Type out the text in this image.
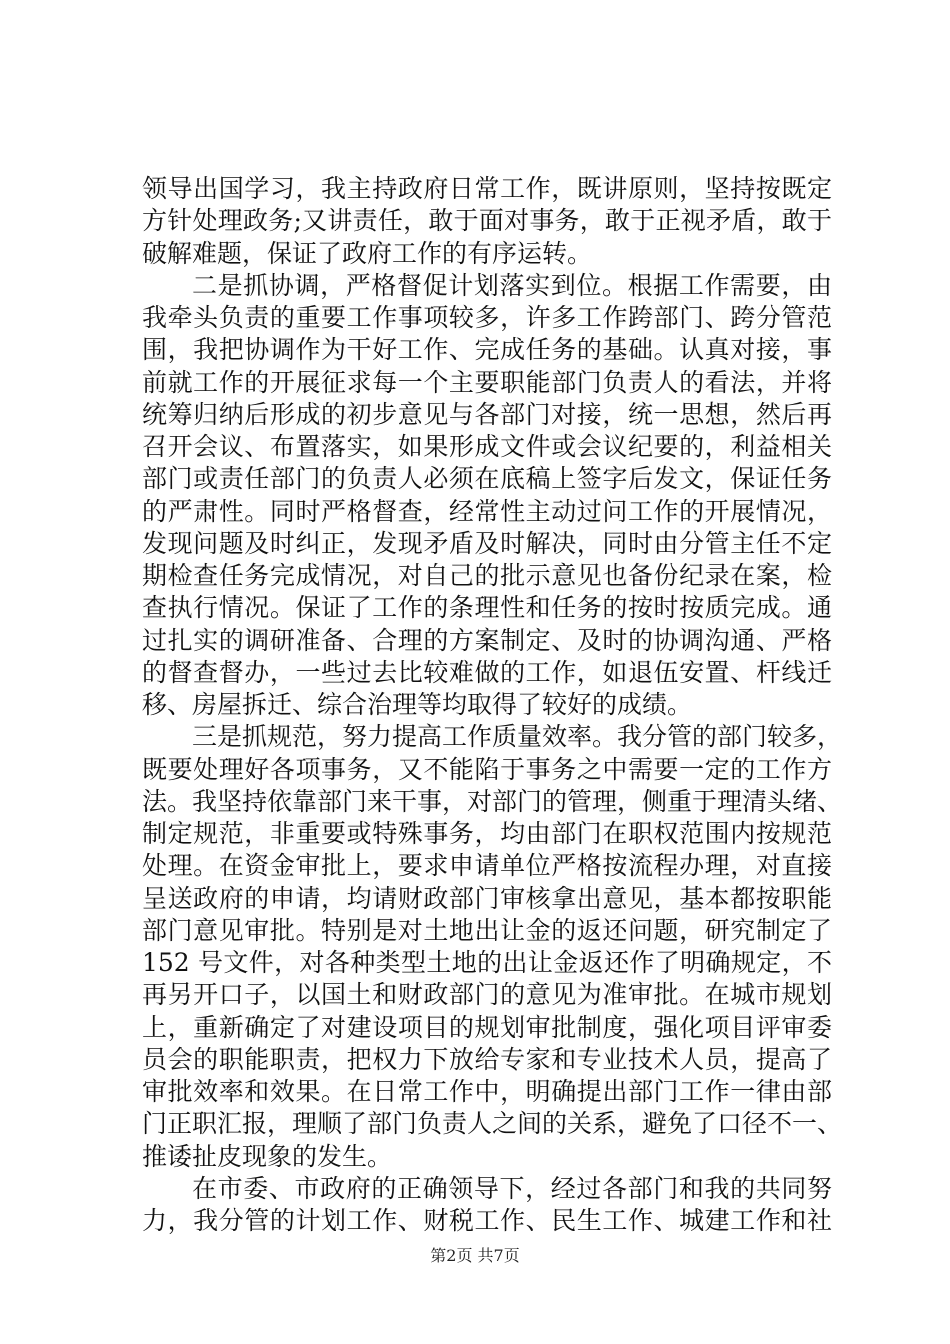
领导出国学习，我主持政府日常工作，既讲原则，坚持按既定
方针处理政务;又讲责任，敢于面对事务，敢于正视矛盾，敢于
破解难题，保证了政府工作的有序运转。
二是抓协调，严格督促计划落实到位。根据工作需要，由
我牵头负责的重要工作事项较多，许多工作跨部门、跨分管范
围，我把协调作为干好工作、完成任务的基础。认真对接，事
前就工作的开展征求每一个主要职能部门负责人的看法，并将
统筹归纳后形成的初步意见与各部门对接，统一思想，然后再
召开会议、布置落实，如果形成文件或会议纪要的，利益相关
部门或责任部门的负责人必须在底稿上签字后发文，保证任务
的严肃性。同时严格督查，经常性主动过问工作的开展情况，
发现问题及时纠正，发现矛盾及时解决，同时由分管主任不定
期检查任务完成情况，对自己的批示意见也备份纪录在案，检
查执行情况。保证了工作的条理性和任务的按时按质完成。通
过扎实的调研准备、合理的方案制定、及时的协调沟通、严格
的督查督办，一些过去比较难做的工作，如退伍安置、杆线迁
移、房屋拆迁、综合治理等均取得了较好的成绩。
三是抓规范，努力提高工作质量效率。我分管的部门较多，
既要处理好各项事务，又不能陷于事务之中需要一定的工作方
法。我坚持依靠部门来干事，对部门的管理，侧重于理清头绪、
制定规范，非重要或特殊事务，均由部门在职权范围内按规范
处理。在资金审批上，要求申请单位严格按流程办理，对直接
呈送政府的申请，均请财政部门审核拿出意见，基本都按职能
部门意见审批。特别是对土地出让金的返还问题，研究制定了
152 号文件，对各种类型土地的出让金返还作了明确规定，不
再另开口子，以国土和财政部门的意见为准审批。在城市规划
上，重新确定了对建设项目的规划审批制度，强化项目评审委
员会的职能职责，把权力下放给专家和专业技术人员，提高了
审批效率和效果。在日常工作中，明确提出部门工作一律由部
门正职汇报，理顺了部门负责人之间的关系，避免了口径不一、
推诿扯皮现象的发生。
在市委、市政府的正确领导下，经过各部门和我的共同努
力，我分管的计划工作、财税工作、民生工作、城建工作和社
第2页 共7页
